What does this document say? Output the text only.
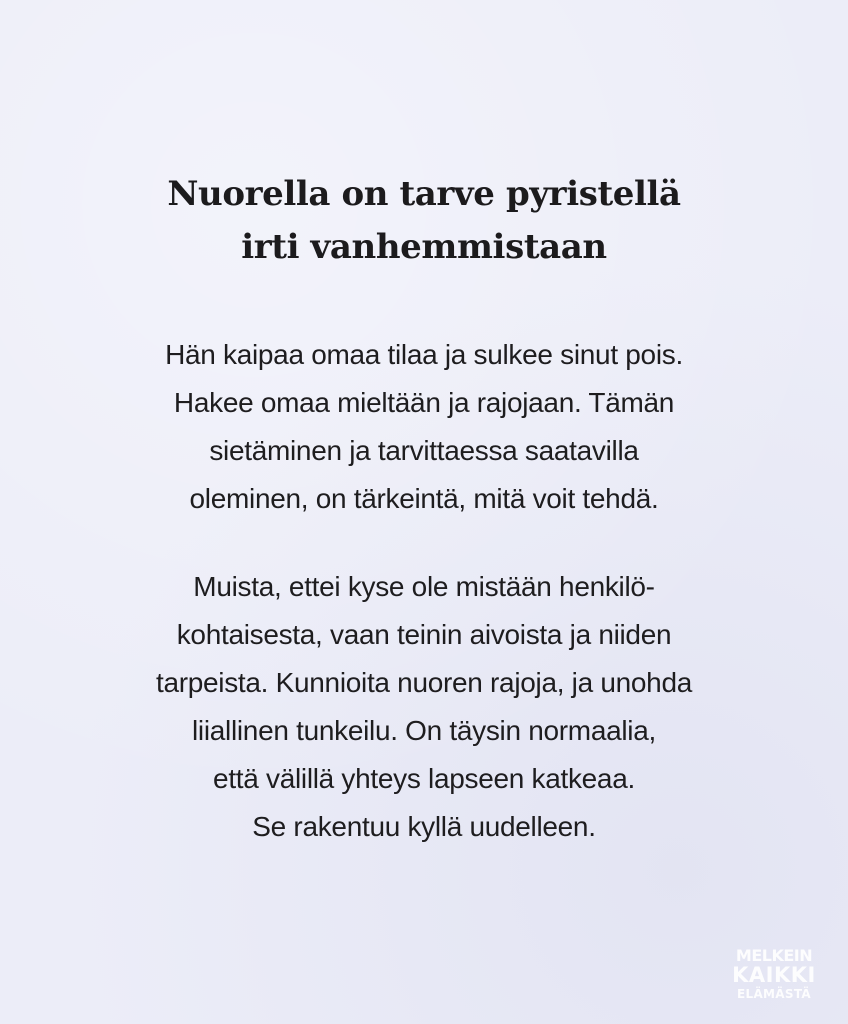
Nuorella on tarve pyristellä
irti vanhemmistaan

Hän kaipaa omaa tilaa ja sulkee sinut pois.
Hakee omaa mieltään ja rajojaan. Tämän
sietäminen ja tarvittaessa saatavilla
oleminen, on tärkeintä, mitä voit tehdä.

Muista, ettei kyse ole mistään henkilö-
kohtaisesta, vaan teinin aivoista ja niiden
tarpeista. Kunnioita nuoren rajoja, ja unohda
liiallinen tunkeilu. On täysin normaalia,
että välillä yhteys lapseen katkeaa.
Se rakentuu kyllä uudelleen.

MELKEIN
KAIKKI
ELÄMÄSTÄ
